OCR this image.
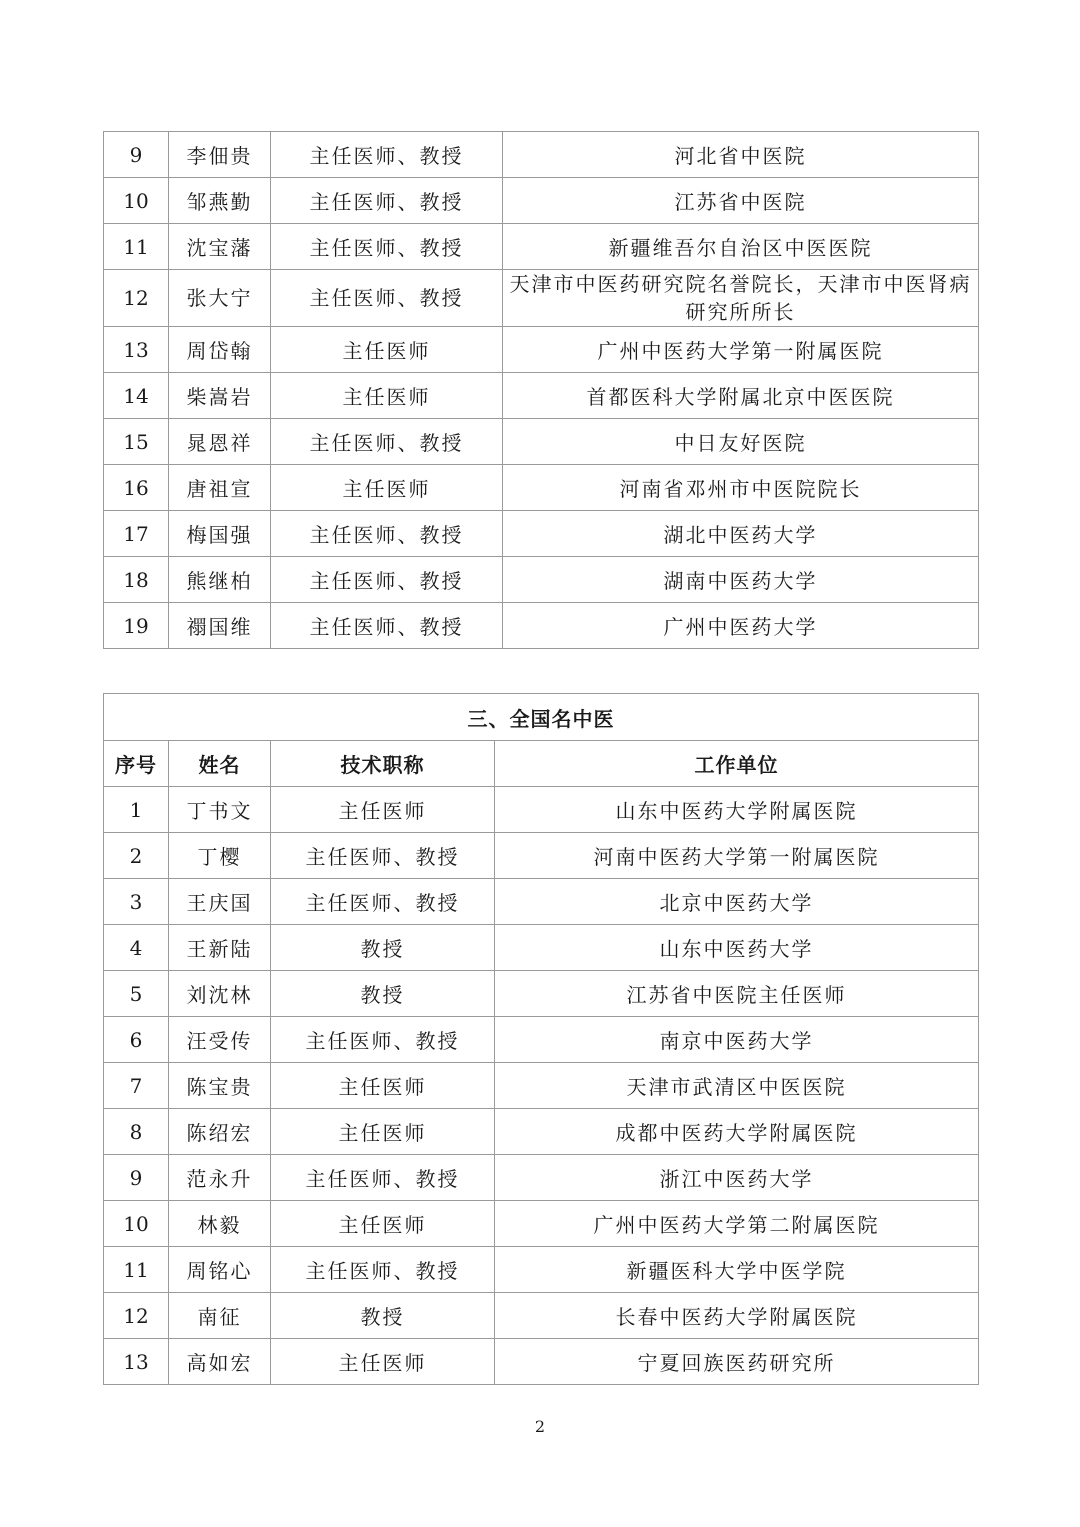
9	李佃贵	主任医师、教授	河北省中医院
10	邹燕勤	主任医师、教授	江苏省中医院
11	沈宝藩	主任医师、教授	新疆维吾尔自治区中医医院
12	张大宁	主任医师、教授	天津市中医药研究院名誉院长，天津市中医肾病研究所所长
13	周岱翰	主任医师	广州中医药大学第一附属医院
14	柴嵩岩	主任医师	首都医科大学附属北京中医医院
15	晁恩祥	主任医师、教授	中日友好医院
16	唐祖宣	主任医师	河南省邓州市中医院院长
17	梅国强	主任医师、教授	湖北中医药大学
18	熊继柏	主任医师、教授	湖南中医药大学
19	禤国维	主任医师、教授	广州中医药大学
三、全国名中医			
序号	姓名	技术职称	工作单位
1	丁书文	主任医师	山东中医药大学附属医院
2	丁樱	主任医师、教授	河南中医药大学第一附属医院
3	王庆国	主任医师、教授	北京中医药大学
4	王新陆	教授	山东中医药大学
5	刘沈林	教授	江苏省中医院主任医师
6	汪受传	主任医师、教授	南京中医药大学
7	陈宝贵	主任医师	天津市武清区中医医院
8	陈绍宏	主任医师	成都中医药大学附属医院
9	范永升	主任医师、教授	浙江中医药大学
10	林毅	主任医师	广州中医药大学第二附属医院
11	周铭心	主任医师、教授	新疆医科大学中医学院
12	南征	教授	长春中医药大学附属医院
13	高如宏	主任医师	宁夏回族医药研究所
2
